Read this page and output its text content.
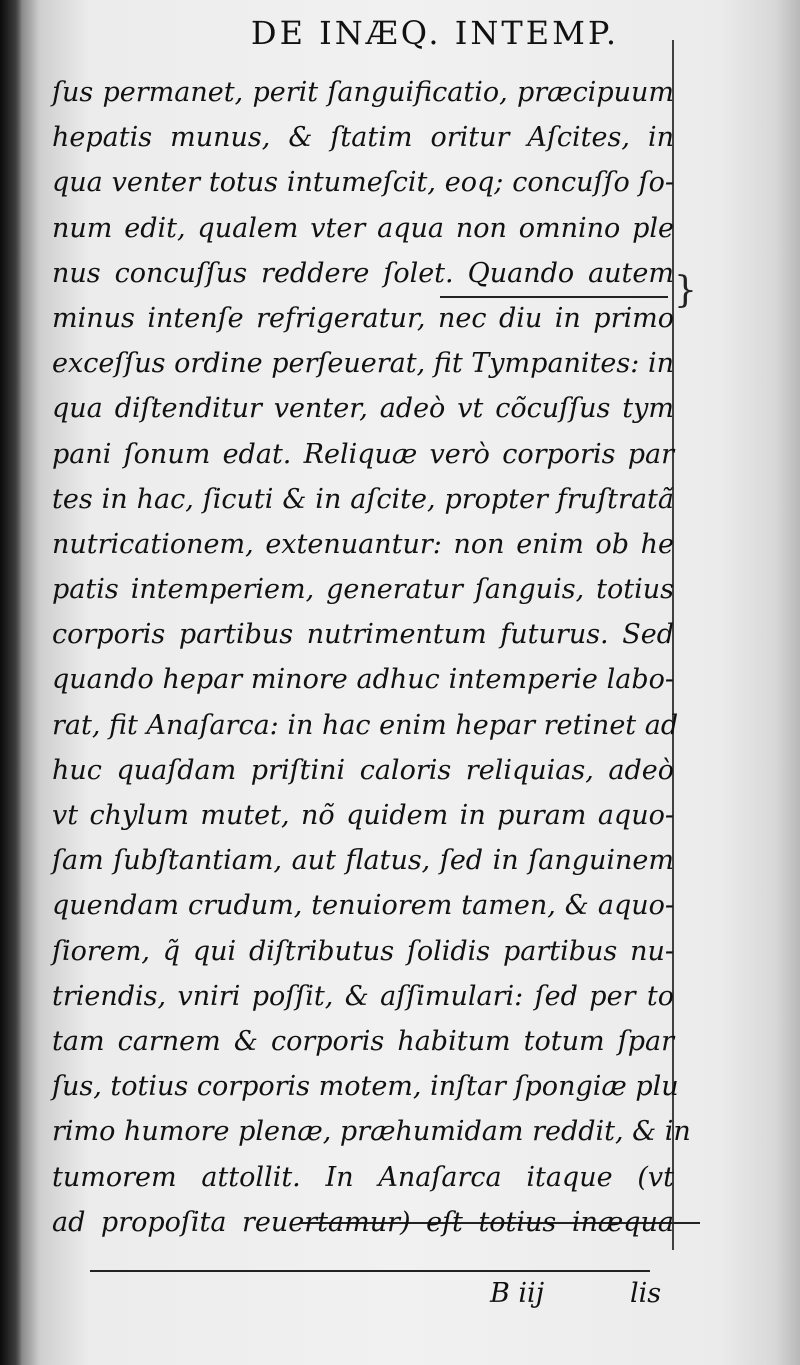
DE INÆQ. INTEMP.
}
ſus permanet, perit ſanguificatio, præcipuum
hepatis munus, & ſtatim oritur Aſcites, in
qua venter totus intumeſcit, eoq; concuſſo ſo-
num edit, qualem vter aqua non omnino ple
nus concuſſus reddere ſolet. Quando autem
minus intenſe refrigeratur, nec diu in primo
exceſſus ordine perſeuerat, fit Tympanites: in
qua diſtenditur venter, adeò vt cõcuſſus tym
pani ſonum edat. Reliquæ verò corporis par
tes in hac, ſicuti & in aſcite, propter fruſtratã
nutricationem, extenuantur: non enim ob he
patis intemperiem, generatur ſanguis, totius
corporis partibus nutrimentum futurus. Sed
quando hepar minore adhuc intemperie labo-
rat, fit Anaſarca: in hac enim hepar retinet ad
huc quaſdam priſtini caloris reliquias, adeò
vt chylum mutet, nõ quidem in puram aquo-
ſam ſubſtantiam, aut flatus, ſed in ſanguinem
quendam crudum, tenuiorem tamen, & aquo-
ſiorem, q̃ qui diſtributus ſolidis partibus nu-
triendis, vniri poſſit, & aſſimulari: ſed per to
tam carnem & corporis habitum totum ſpar
ſus, totius corporis motem, inſtar ſpongiæ plu
rimo humore plenæ, præhumidam reddit, & in
tumorem attollit. In Anaſarca itaque (vt
ad propoſita reuertamur) eſt totius inæqua
B iij	lis
